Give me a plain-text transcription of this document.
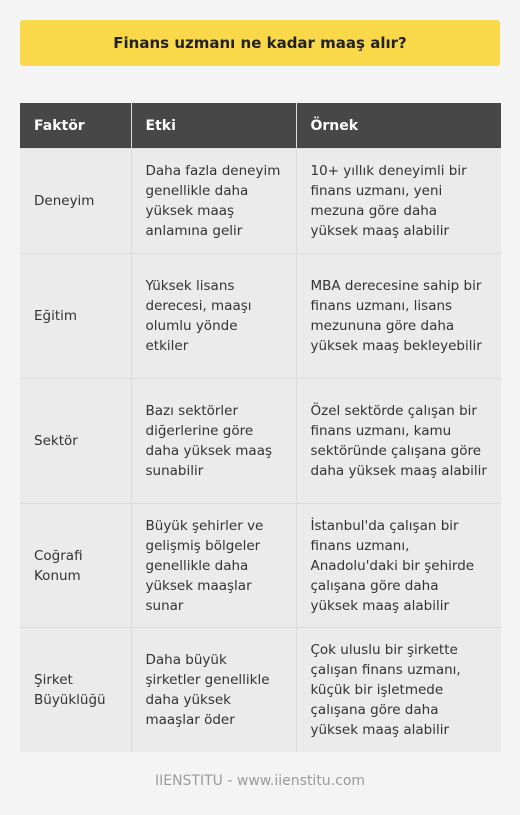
Finans uzmanı ne kadar maaş alır?
Faktör	Etki	Örnek
Deneyim	Daha fazla deneyim genellikle daha yüksek maaş anlamına gelir	10+ yıllık deneyimli bir finans uzmanı, yeni mezuna göre daha yüksek maaş alabilir
Eğitim	Yüksek lisans derecesi, maaşı olumlu yönde etkiler	MBA derecesine sahip bir finans uzmanı, lisans mezununa göre daha yüksek maaş bekleyebilir
Sektör	Bazı sektörler diğerlerine göre daha yüksek maaş sunabilir	Özel sektörde çalışan bir finans uzmanı, kamu sektöründe çalışana göre daha yüksek maaş alabilir
Coğrafi Konum	Büyük şehirler ve gelişmiş bölgeler genellikle daha yüksek maaşlar sunar	İstanbul'da çalışan bir finans uzmanı, Anadolu'daki bir şehirde çalışana göre daha yüksek maaş alabilir
Şirket Büyüklüğü	Daha büyük şirketler genellikle daha yüksek maaşlar öder	Çok uluslu bir şirkette çalışan finans uzmanı, küçük bir işletmede çalışana göre daha yüksek maaş alabilir
IIENSTITU - www.iienstitu.com
